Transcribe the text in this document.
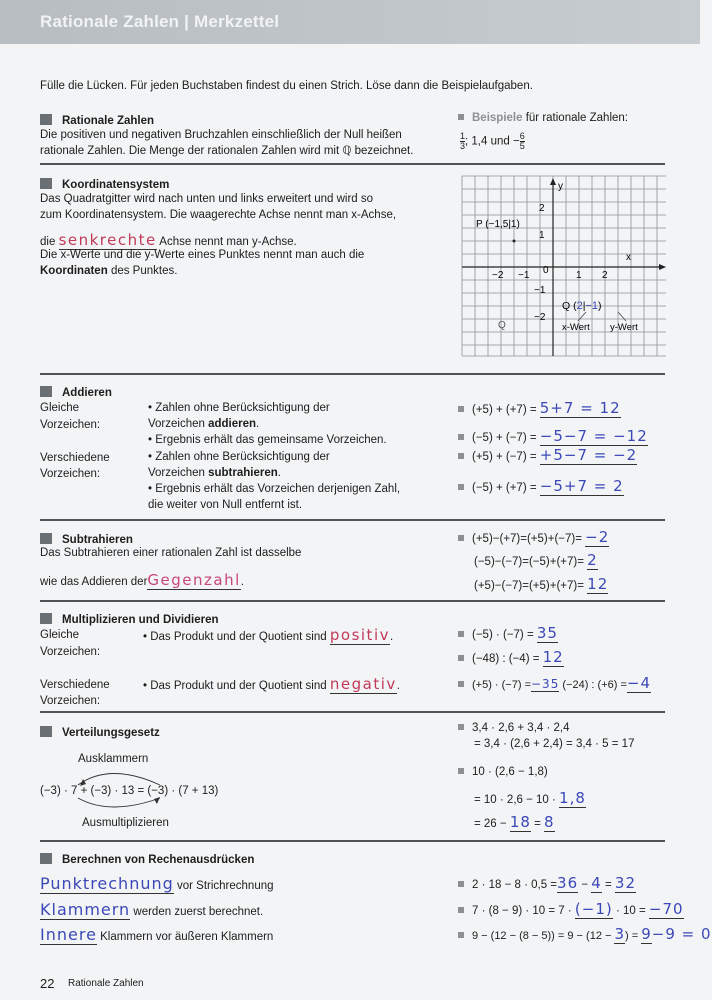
Rationale Zahlen | Merkzettel
Fülle die Lücken. Für jeden Buchstaben findest du einen Strich. Löse dann die Beispielaufgaben.
Rationale Zahlen
Die positiven und negativen Bruchzahlen einschließlich der Null heißen
rationale Zahlen. Die Menge der rationalen Zahlen wird mit ℚ bezeichnet.
Beispiele für rationale Zahlen:
$\frac{1}{3}$ ; 1,4 und − $\frac{6}{5}$
Koordinatensystem
Das Quadratgitter wird nach unten und links erweitert und wird so
zum Koordinatensystem. Die waagerechte Achse nennt man x-Achse,
die senkrechte Achse nennt man y-Achse.
Die x-Werte und die y-Werte eines Punktes nennt man auch die
Koordinaten des Punktes.
y
x
2
1
−1
−2
−2 −1 0	1 2
P (−1,5|1)
Q
Q (2|−1)
x-Wert y-Wert
Addieren
Gleiche
Vorzeichen:
• Zahlen ohne Berücksichtigung der
Vorzeichen addieren.
• Ergebnis erhält das gemeinsame Vorzeichen.
Verschiedene
Vorzeichen:
• Zahlen ohne Berücksichtigung der
Vorzeichen subtrahieren.
• Ergebnis erhält das Vorzeichen derjenigen Zahl,
die weiter von Null entfernt ist.
(+5) + (+7) = 5+7 = 12
(−5) + (−7) = −5−7 = −12
(+5) + (−7) = +5−7 = −2
(−5) + (+7) = −5+7 = 2
Subtrahieren
Das Subtrahieren einer rationalen Zahl ist dasselbe
wie das Addieren derGegenzahl.
(+5)−(+7)=(+5)+(−7)= −2
(−5)−(−7)=(−5)+(+7)= 2
(+5)−(−7)=(+5)+(+7)= 12
Multiplizieren und Dividieren
Gleiche
Vorzeichen:
• Das Produkt und der Quotient sind positiv.
Verschiedene
Vorzeichen:
• Das Produkt und der Quotient sind negativ.
(−5) · (−7) = 35
(−48) : (−4) = 12
(+5) · (−7) =−35 (−24) : (+6) =−4
Verteilungsgesetz
Ausklammern
(−3) · 7 + (−3) · 13 = (−3) · (7 + 13)
Ausmultiplizieren
3,4 · 2,6 + 3,4 · 2,4
= 3,4 · (2,6 + 2,4) = 3,4 · 5 = 17
10 · (2,6 − 1,8)
= 10 · 2,6 − 10 · 1,8
= 26 − 18 = 8
Berechnen von Rechenausdrücken
Punktrechnung vor Strichrechnung
Klammern werden zuerst berechnet.
Innere Klammern vor äußeren Klammern
2 · 18 − 8 · 0,5 =36 − 4 = 32
7 · (8 − 9) · 10 = 7 · (−1) · 10 = −70
9 − (12 − (8 − 5)) = 9 − (12 − 3) = 9−9 = 0
22 Rationale Zahlen
